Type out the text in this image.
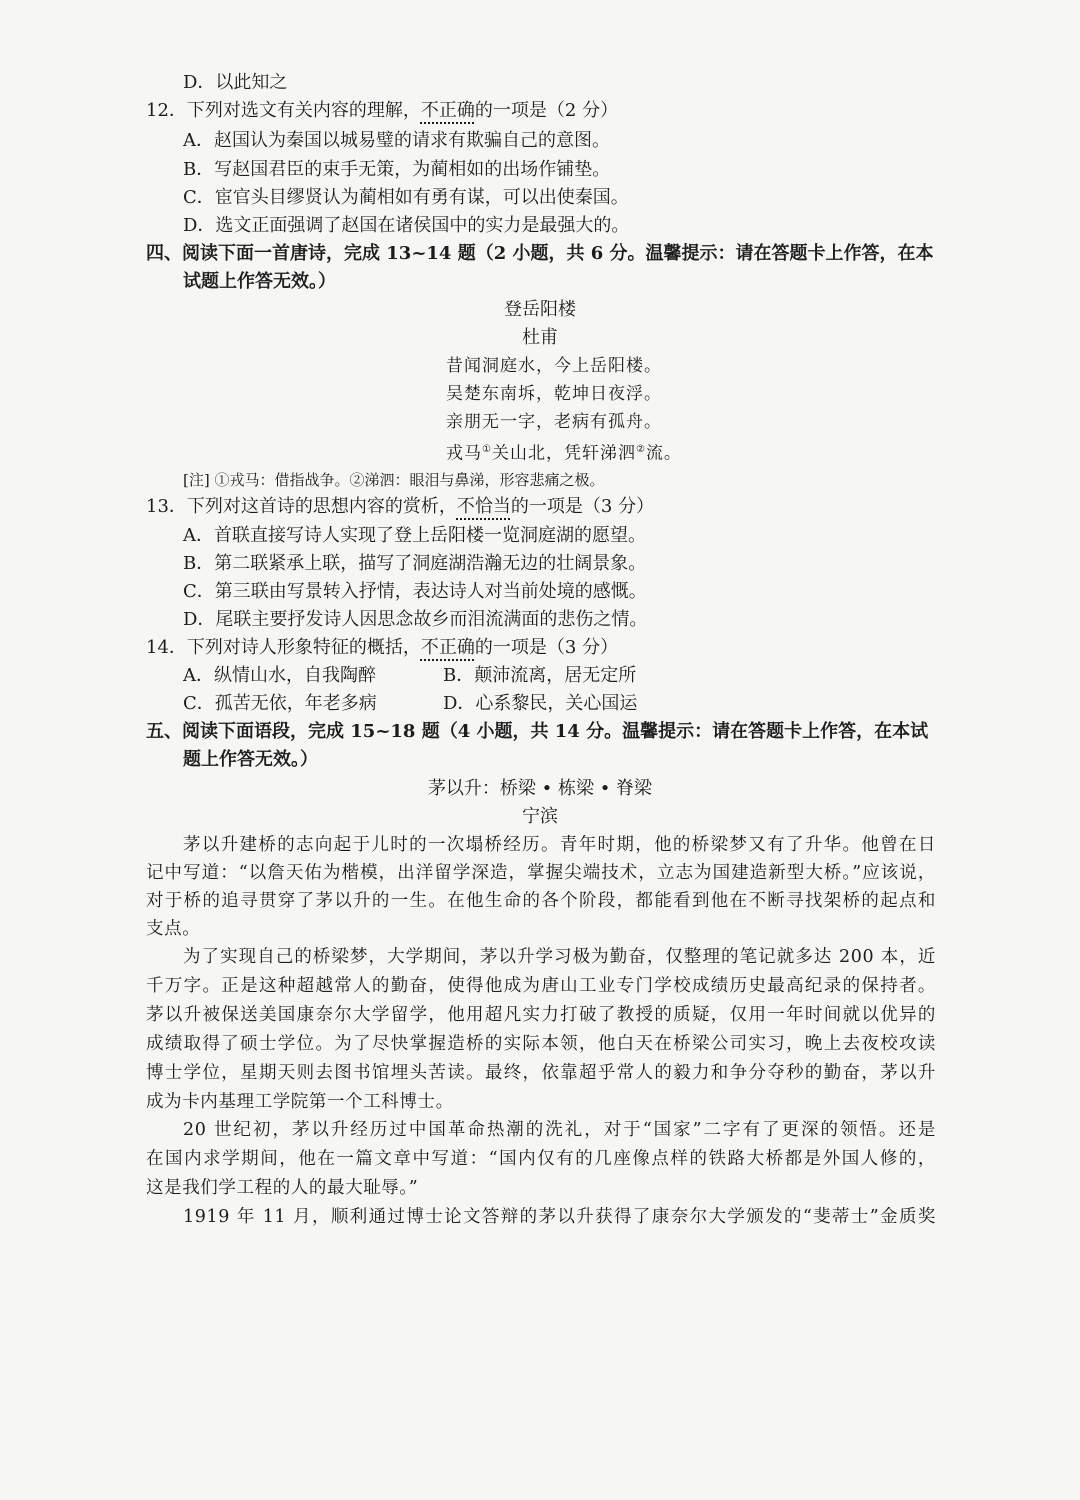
D．以此知之
12．下列对选文有关内容的理解，不正确的一项是（2 分）
A．赵国认为秦国以城易璧的请求有欺骗自己的意图。
B．写赵国君臣的束手无策，为蔺相如的出场作铺垫。
C．宦官头目缪贤认为蔺相如有勇有谋，可以出使秦国。
D．选文正面强调了赵国在诸侯国中的实力是最强大的。
四、阅读下面一首唐诗，完成 13~14 题（2 小题，共 6 分。温馨提示：请在答题卡上作答，在本
试题上作答无效。）
登岳阳楼
杜甫
昔闻洞庭水，今上岳阳楼。
吴楚东南坼，乾坤日夜浮。
亲朋无一字，老病有孤舟。
戎马①关山北，凭轩涕泗②流。
[注] ①戎马：借指战争。②涕泗：眼泪与鼻涕，形容悲痛之极。
13．下列对这首诗的思想内容的赏析，不恰当的一项是（3 分）
A．首联直接写诗人实现了登上岳阳楼一览洞庭湖的愿望。
B．第二联紧承上联，描写了洞庭湖浩瀚无边的壮阔景象。
C．第三联由写景转入抒情，表达诗人对当前处境的感慨。
D．尾联主要抒发诗人因思念故乡而泪流满面的悲伤之情。
14．下列对诗人形象特征的概括，不正确的一项是（3 分）
A．纵情山水，自我陶醉	B．颠沛流离，居无定所
C．孤苦无依，年老多病	D．心系黎民，关心国运
五、阅读下面语段，完成 15~18 题（4 小题，共 14 分。温馨提示：请在答题卡上作答，在本试
题上作答无效。）
茅以升：桥梁 • 栋梁 • 脊梁
宁滨
茅以升建桥的志向起于儿时的一次塌桥经历。青年时期，他的桥梁梦又有了升华。他曾在日
记中写道：“以詹天佑为楷模，出洋留学深造，掌握尖端技术，立志为国建造新型大桥。”应该说，
对于桥的追寻贯穿了茅以升的一生。在他生命的各个阶段，都能看到他在不断寻找架桥的起点和
支点。
为了实现自己的桥梁梦，大学期间，茅以升学习极为勤奋，仅整理的笔记就多达 200 本，近
千万字。正是这种超越常人的勤奋，使得他成为唐山工业专门学校成绩历史最高纪录的保持者。
茅以升被保送美国康奈尔大学留学，他用超凡实力打破了教授的质疑，仅用一年时间就以优异的
成绩取得了硕士学位。为了尽快掌握造桥的实际本领，他白天在桥梁公司实习，晚上去夜校攻读
博士学位，星期天则去图书馆埋头苦读。最终，依靠超乎常人的毅力和争分夺秒的勤奋，茅以升
成为卡内基理工学院第一个工科博士。
20 世纪初，茅以升经历过中国革命热潮的洗礼，对于“国家”二字有了更深的领悟。还是
在国内求学期间，他在一篇文章中写道：“国内仅有的几座像点样的铁路大桥都是外国人修的，
这是我们学工程的人的最大耻辱。”
1919 年 11 月，顺利通过博士论文答辩的茅以升获得了康奈尔大学颁发的“斐蒂士”金质奖
